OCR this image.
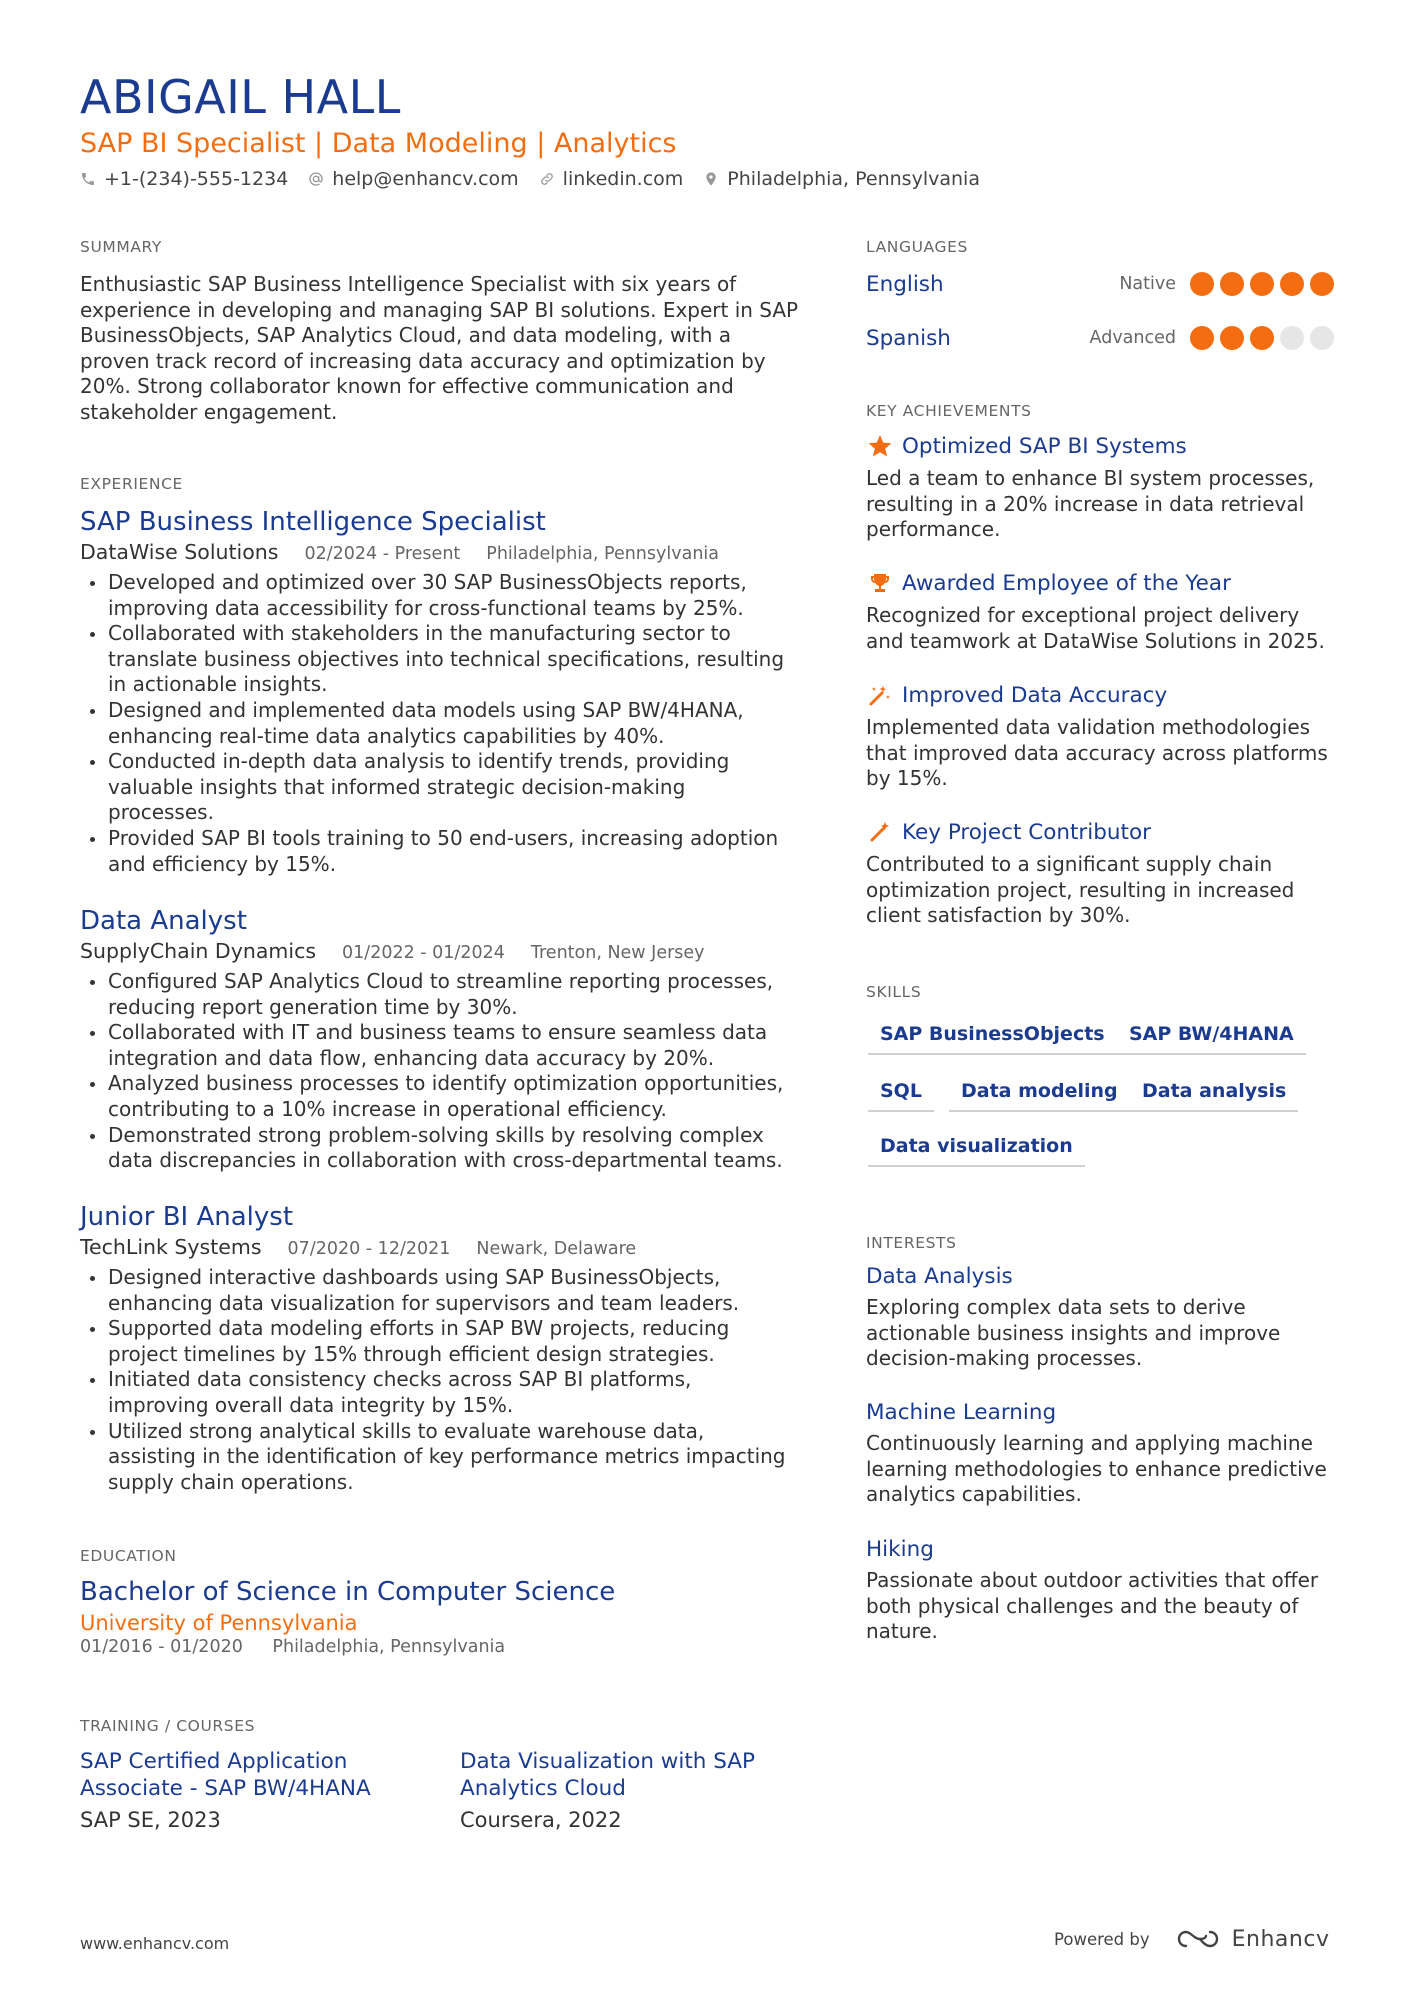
ABIGAIL HALL
SAP BI Specialist | Data Modeling | Analytics
+1-(234)-555-1234 help@enhancv.com linkedin.com Philadelphia, Pennsylvania
SUMMARY
Enthusiastic SAP Business Intelligence Specialist with six years of experience in developing and managing SAP BI solutions. Expert in SAP BusinessObjects, SAP Analytics Cloud, and data modeling, with a proven track record of increasing data accuracy and optimization by 20%. Strong collaborator known for effective communication and stakeholder engagement.
EXPERIENCE
SAP Business Intelligence Specialist
DataWise Solutions 02/2024 - Present Philadelphia, Pennsylvania
Developed and optimized over 30 SAP BusinessObjects reports, improving data accessibility for cross-functional teams by 25%.
Collaborated with stakeholders in the manufacturing sector to translate business objectives into technical specifications, resulting in actionable insights.
Designed and implemented data models using SAP BW/4HANA, enhancing real-time data analytics capabilities by 40%.
Conducted in-depth data analysis to identify trends, providing valuable insights that informed strategic decision-making processes.
Provided SAP BI tools training to 50 end-users, increasing adoption and efficiency by 15%.
Data Analyst
SupplyChain Dynamics 01/2022 - 01/2024 Trenton, New Jersey
Configured SAP Analytics Cloud to streamline reporting processes, reducing report generation time by 30%.
Collaborated with IT and business teams to ensure seamless data integration and data flow, enhancing data accuracy by 20%.
Analyzed business processes to identify optimization opportunities, contributing to a 10% increase in operational efficiency.
Demonstrated strong problem-solving skills by resolving complex data discrepancies in collaboration with cross-departmental teams.
Junior BI Analyst
TechLink Systems 07/2020 - 12/2021 Newark, Delaware
Designed interactive dashboards using SAP BusinessObjects, enhancing data visualization for supervisors and team leaders.
Supported data modeling efforts in SAP BW projects, reducing project timelines by 15% through efficient design strategies.
Initiated data consistency checks across SAP BI platforms, improving overall data integrity by 15%.
Utilized strong analytical skills to evaluate warehouse data, assisting in the identification of key performance metrics impacting supply chain operations.
EDUCATION
Bachelor of Science in Computer Science
University of Pennsylvania
01/2016 - 01/2020 Philadelphia, Pennsylvania
TRAINING / COURSES
SAP Certified Application Associate - SAP BW/4HANA
SAP SE, 2023
Data Visualization with SAP Analytics Cloud
Coursera, 2022
LANGUAGES
English	Native
Spanish	Advanced
KEY ACHIEVEMENTS
Optimized SAP BI Systems
Led a team to enhance BI system processes, resulting in a 20% increase in data retrieval performance.
Awarded Employee of the Year
Recognized for exceptional project delivery and teamwork at DataWise Solutions in 2025.
Improved Data Accuracy
Implemented data validation methodologies that improved data accuracy across platforms by 15%.
Key Project Contributor
Contributed to a significant supply chain optimization project, resulting in increased client satisfaction by 30%.
SKILLS
SAP BusinessObjects	SAP BW/4HANA
SQL	Data modeling	Data analysis
Data visualization
INTERESTS
Data Analysis
Exploring complex data sets to derive actionable business insights and improve decision-making processes.
Machine Learning
Continuously learning and applying machine learning methodologies to enhance predictive analytics capabilities.
Hiking
Passionate about outdoor activities that offer both physical challenges and the beauty of nature.
www.enhancv.com	Powered by	Enhancv
